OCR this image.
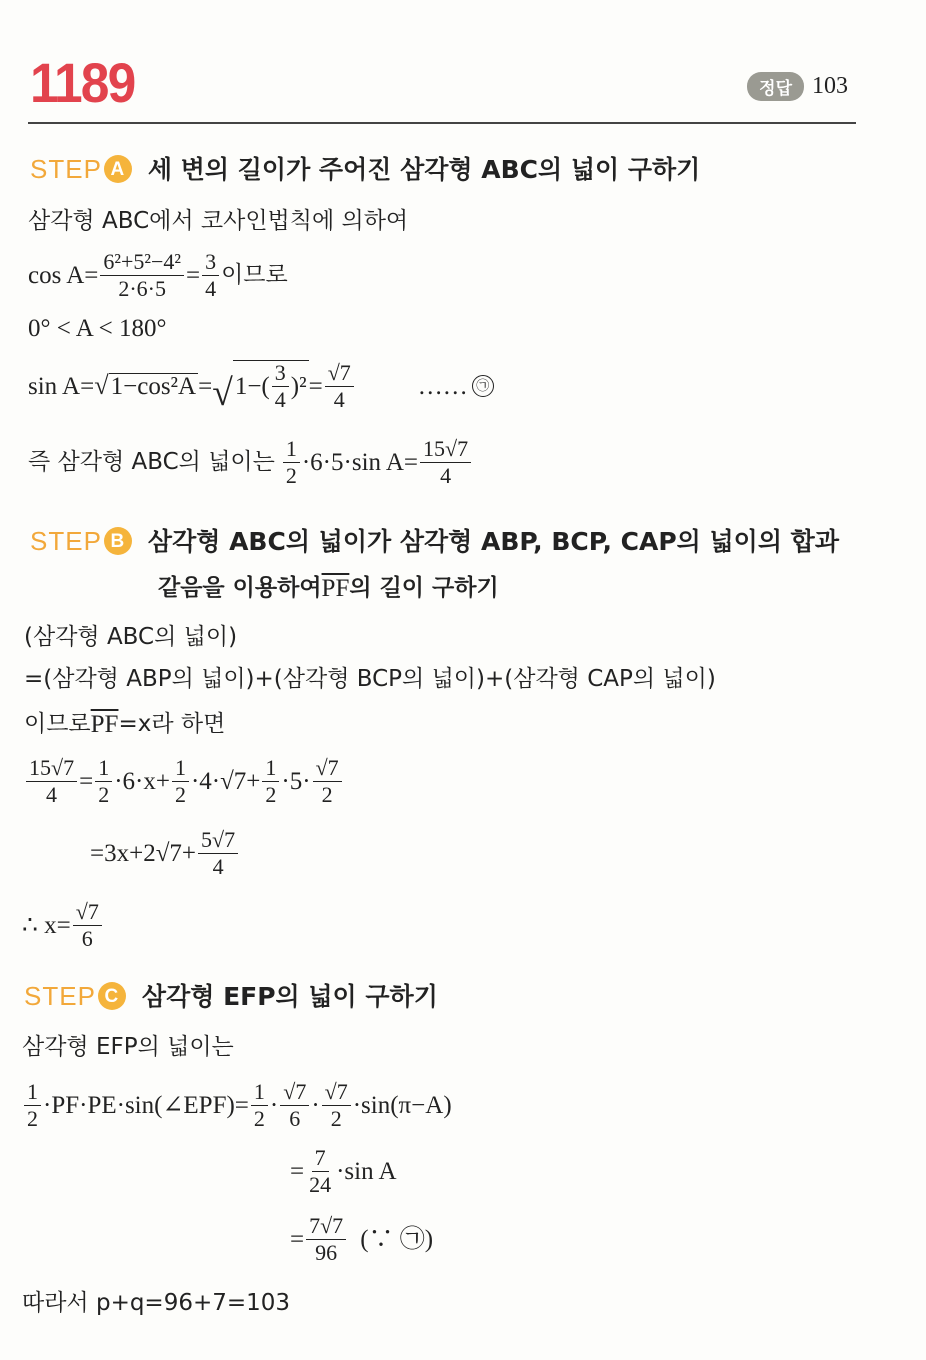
1189	정답 103
STEP A 세 변의 길이가 주어진 삼각형 ABC의 넓이 구하기
삼각형 ABC에서 코사인법칙에 의하여
$\cos A= \frac{\text{6²+5²−4²}}{2\cdot 6\cdot 5} = \frac{3}{4}$ 이므로
0° < A < 180°
sin A= √ 1−cos²A = √ $1-( \frac{3}{4} )^2 = \frac{√7}{4}$	…… ㉠
즉 삼각형 ABC의 넓이는 $\frac{1}{2} \cdot 6\cdot 5\cdot\sin$ $A= \frac{15√7}{4}$
STEP B 삼각형 ABC의 넓이가 삼각형 ABP, BCP, CAP의 넓이의 합과
같음을 이용하여 $\overline{PF}$ 의 길이 구하기
(삼각형 ABC의 넓이)
=(삼각형 ABP의 넓이)+(삼각형 BCP의 넓이)+(삼각형 CAP의 넓이)
이므로 $\overline{PF} =x$라 하면
$\frac{15√7}{4} = \frac{1}{2} \cdot 6\cdot x+ \frac{1}{2} \cdot 4\cdot√7+ \frac{1}{2} \cdot 5\cdot \frac{√7}{2}$
$=3x+2√7+ \frac{5√7}{4}$
∴ $x= \frac{√7}{6}$
STEP C 삼각형 EFP의 넓이 구하기
삼각형 EFP의 넓이는
$\frac{1}{2}$ ·PF·PE·sin(∠EPF)= $\frac{1}{2} \cdot \frac{√7}{6} \cdot \frac{√7}{2} \cdot\sin(\pi-A)$
= $\frac{7}{24} \cdot\sin$ A
= $\frac{7√7}{96}$ (∵ ㉠)
따라서 p+q=96+7=103
